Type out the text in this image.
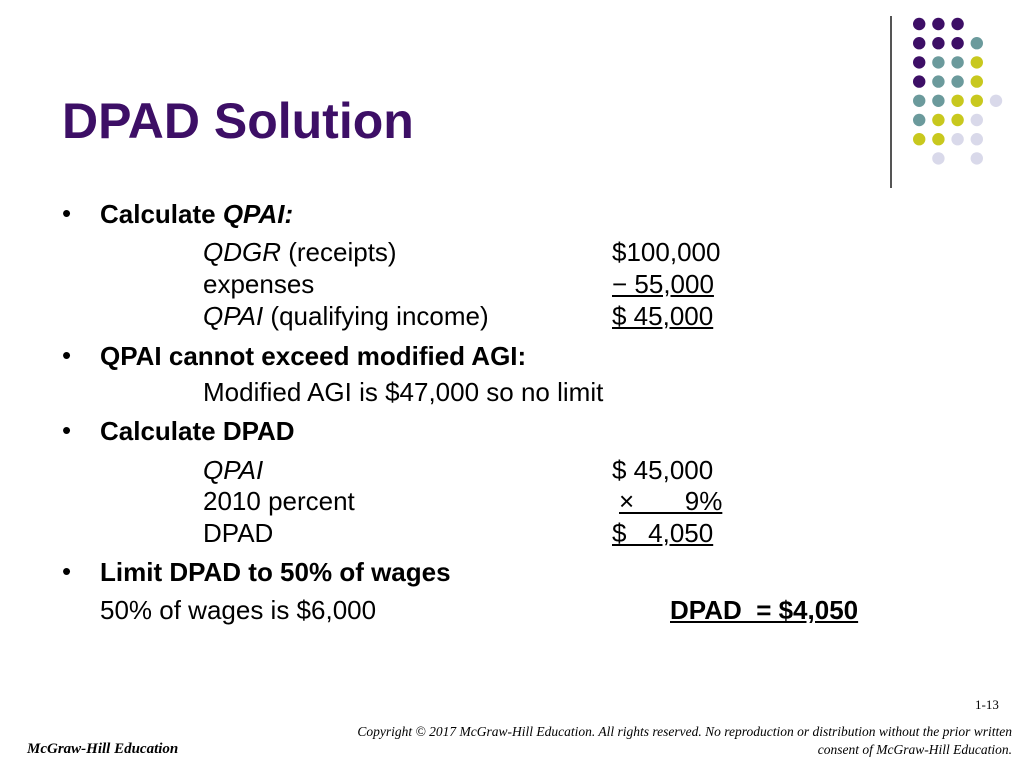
DPAD Solution
• Calculate QPAI:
QDGR (receipts)	$100,000
expenses	− 55,000
QPAI (qualifying income)	$ 45,000
• QPAI cannot exceed modified AGI:
Modified AGI is $47,000 so no limit
• Calculate DPAD
QPAI	$ 45,000
2010 percent	×       9%
DPAD	$   4,050
• Limit DPAD to 50% of wages
50% of wages is $6,000	DPAD  = $4,050
1-13
Copyright © 2017 McGraw-Hill Education. All rights reserved. No reproduction or distribution without the prior written
consent of McGraw-Hill Education.
McGraw-Hill Education
